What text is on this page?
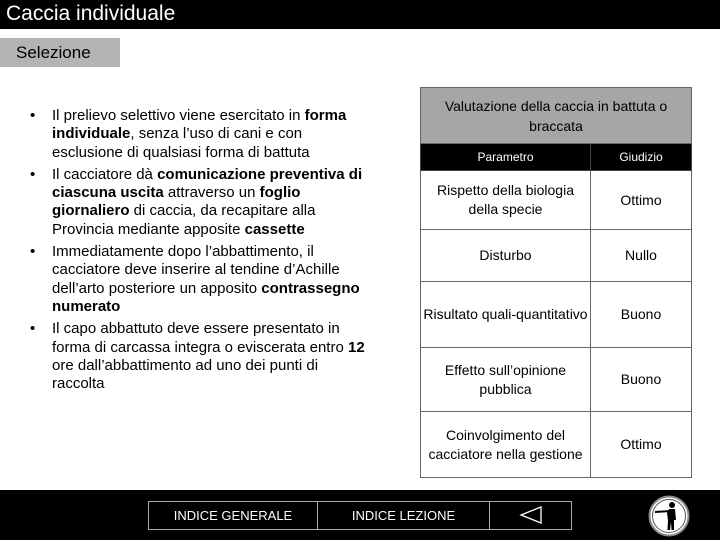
Caccia individuale
Selezione
• Il prelievo selettivo viene esercitato in forma individuale, senza l’uso di cani e con esclusione di qualsiasi forma di battuta
• Il cacciatore dà comunicazione preventiva di ciascuna uscita attraverso un foglio giornaliero di caccia, da recapitare alla Provincia mediante apposite cassette
• Immediatamente dopo l’abbattimento, il cacciatore deve inserire al tendine d’Achille dell’arto posteriore un apposito contrassegno numerato
• Il capo abbattuto deve essere presentato in forma di carcassa integra o eviscerata entro 12 ore dall’abbattimento ad uno dei punti di raccolta
Valutazione della caccia in battuta o braccata	
Parametro	Giudizio
Rispetto della biologia della specie	Ottimo
Disturbo	Nullo
Risultato quali-quantitativo	Buono
Effetto sull’opinione pubblica	Buono
Coinvolgimento del cacciatore nella gestione	Ottimo
INDICE GENERALE	INDICE LEZIONE
